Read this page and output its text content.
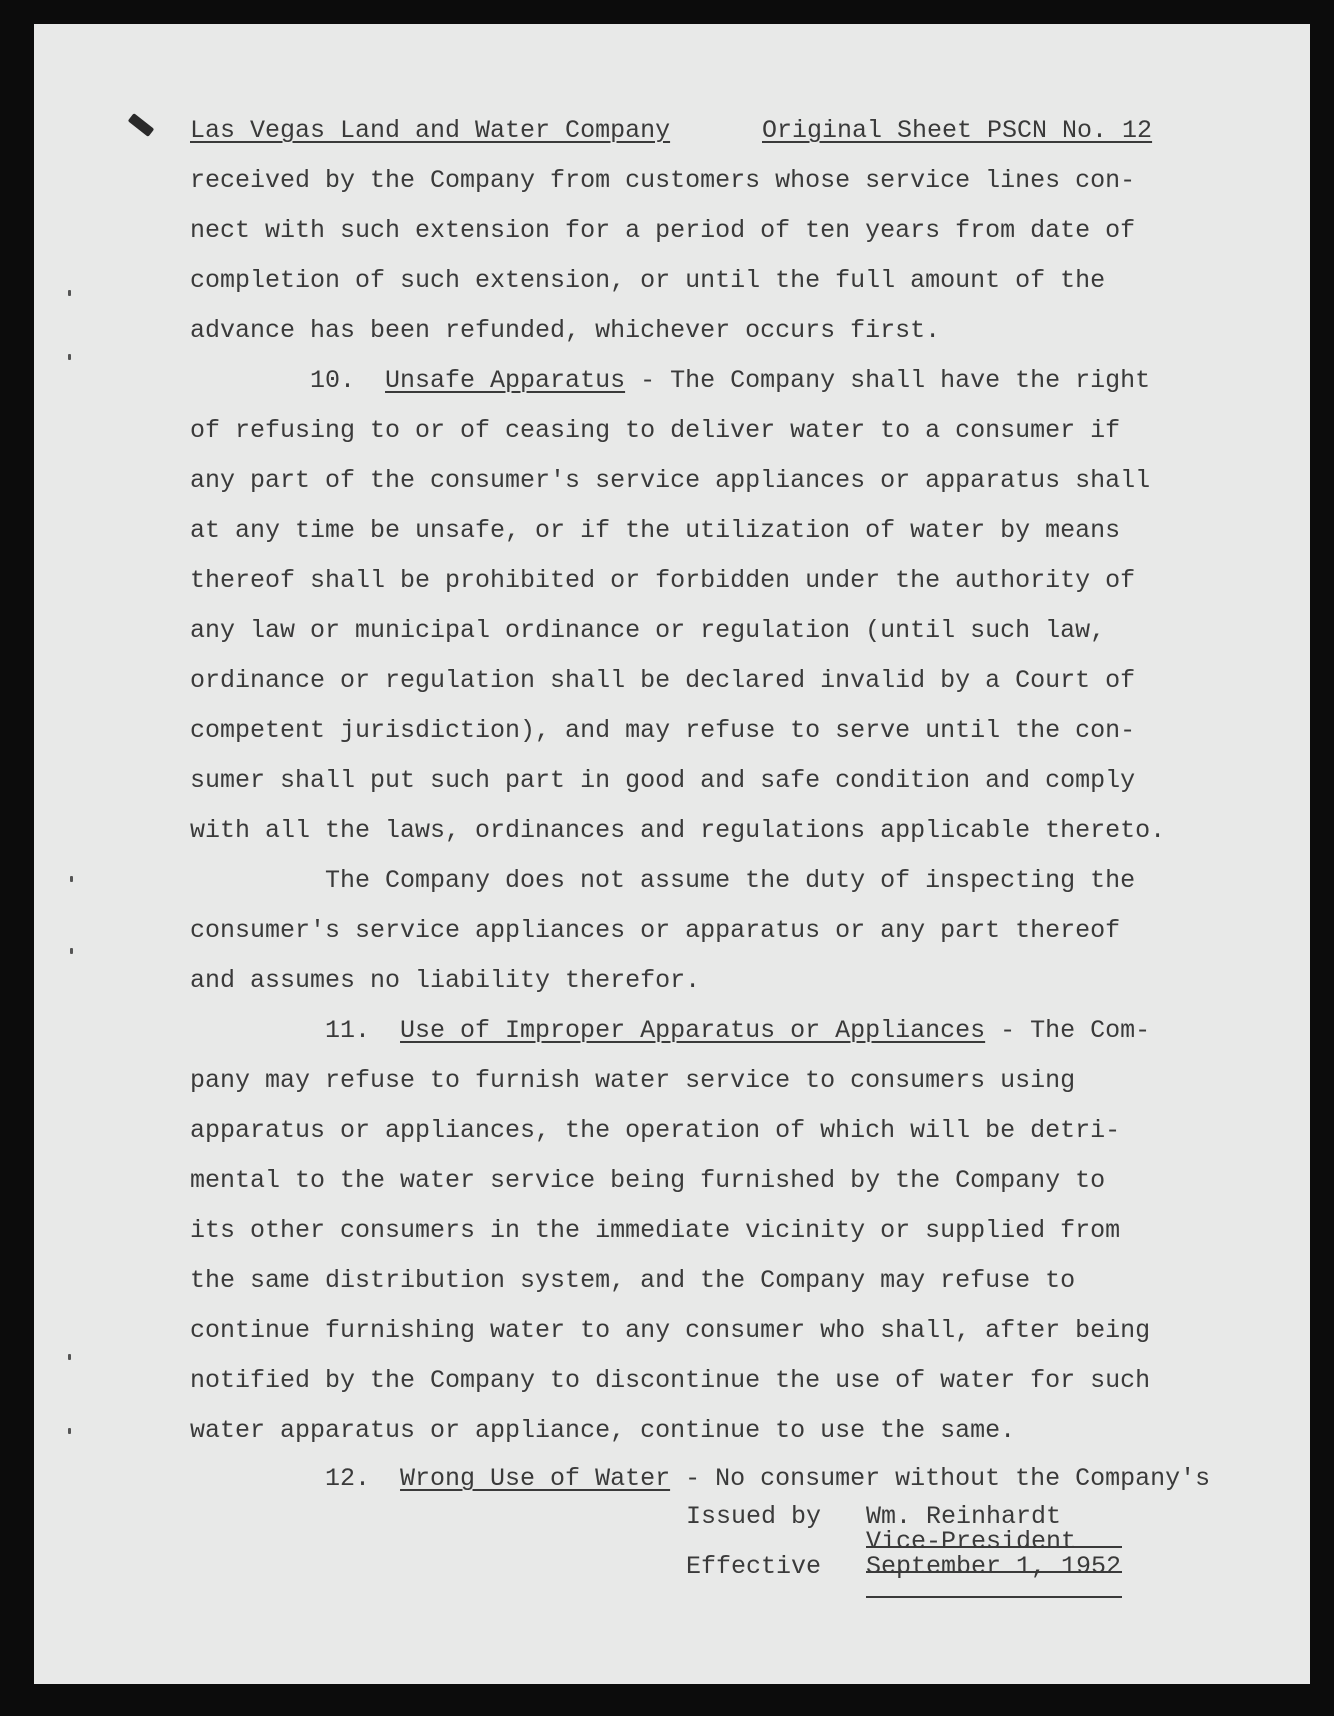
Las Vegas Land and Water Company

	Original Sheet PSCN No. 12

received by the Company from customers whose service lines con-

nect with such extension for a period of ten years from date of

completion of such extension, or until the full amount of the

advance has been refunded, whichever occurs first.

10. Unsafe Apparatus - The Company shall have the right

of refusing to or of ceasing to deliver water to a consumer if

any part of the consumer's service appliances or apparatus shall

at any time be unsafe, or if the utilization of water by means

thereof shall be prohibited or forbidden under the authority of

any law or municipal ordinance or regulation (until such law,

ordinance or regulation shall be declared invalid by a Court of

competent jurisdiction), and may refuse to serve until the con-

sumer shall put such part in good and safe condition and comply

with all the laws, ordinances and regulations applicable thereto.

The Company does not assume the duty of inspecting the

consumer's service appliances or apparatus or any part thereof

and assumes no liability therefor.

11. Use of Improper Apparatus or Appliances - The Com-

pany may refuse to furnish water service to consumers using

apparatus or appliances, the operation of which will be detri-

mental to the water service being furnished by the Company to

its other consumers in the immediate vicinity or supplied from

the same distribution system, and the Company may refuse to

continue furnishing water to any consumer who shall, after being

notified by the Company to discontinue the use of water for such

water apparatus or appliance, continue to use the same.

12. Wrong Use of Water - No consumer without the Company's

Issued by

Wm. Reinhardt

Vice-President

Effective

September 1, 1952
